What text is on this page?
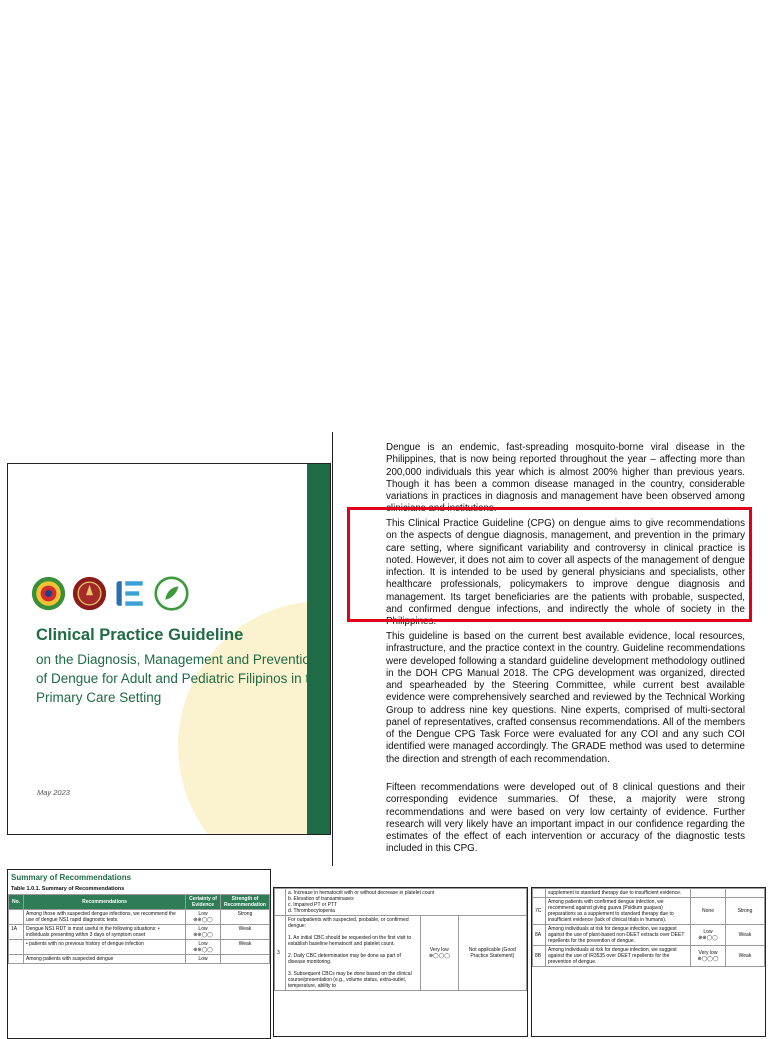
Clinical Practice Guideline
on the Diagnosis, Management and Prevention of Dengue for Adult and Pediatric Filipinos in the Primary Care Setting
May 2023
Dengue is an endemic, fast-spreading mosquito-borne viral disease in the Philippines, that is now being reported throughout the year – affecting more than 200,000 individuals this year which is almost 200% higher than previous years. Though it has been a common disease managed in the country, considerable variations in practices in diagnosis and management have been observed among clinicians and institutions.
This Clinical Practice Guideline (CPG) on dengue aims to give recommendations on the aspects of dengue diagnosis, management, and prevention in the primary care setting, where significant variability and controversy in clinical practice is noted. However, it does not aim to cover all aspects of the management of dengue infection. It is intended to be used by general physicians and specialists, other healthcare professionals, policymakers to improve dengue diagnosis and management. Its target beneficiaries are the patients with probable, suspected, and confirmed dengue infections, and indirectly the whole of society in the Philippines.
This guideline is based on the current best available evidence, local resources, infrastructure, and the practice context in the country. Guideline recommendations were developed following a standard guideline development methodology outlined in the DOH CPG Manual 2018. The CPG development was organized, directed and spearheaded by the Steering Committee, while current best available evidence were comprehensively searched and reviewed by the Technical Working Group to address nine key questions. Nine experts, comprised of multi-sectoral panel of representatives, crafted consensus recommendations. All of the members of the Dengue CPG Task Force were evaluated for any COI and any such COI identified were managed accordingly. The GRADE method was used to determine the direction and strength of each recommendation.
Fifteen recommendations were developed out of 8 clinical questions and their corresponding evidence summaries. Of these, a majority were strong recommendations and were based on very low certainty of evidence. Further research will very likely have an important impact in our confidence regarding the estimates of the effect of each intervention or accuracy of the diagnostic tests included in this CPG.
Summary of Recommendations
Table 1.0.1. Summary of Recommendations
No.	Recommendations	Certainty of Evidence	Strength of Recommendation
	Among those with suspected dengue infections, we recommend the use of dengue NS1 rapid diagnostic tests.	Low ⊕⊕◯◯	Strong
1A	Dengue NS1 RDT is most useful in the following situations: • individuals presenting within 3 days of symptom onset	Low ⊕⊕◯◯	Weak
	• patients with no previous history of dengue infection	Low ⊕⊕◯◯	Weak
	Among patients with suspected dengue	Low	

	a. Increase in hematocrit with or without decrease in platelet count
b. Elevation of transaminases
c. Impaired PT or PTT
d. Thrombocytopenia		

3	For outpatients with suspected, probable, or confirmed dengue:

1. An initial CBC should be requested on the first visit to establish baseline hematocrit and platelet count.

2. Daily CBC determination may be done as part of disease monitoring.

3. Subsequent CBCs may be done based on the clinical course/presentation (e.g., volume status, extra-outlet, temperature, ability to	Very low ⊕◯◯◯	Not applicable (Good Practice Statement)
	supplement to standard therapy due to insufficient evidence.		
7C	Among patients with confirmed dengue infection, we recommend against giving guava (Psidium guajava) preparations as a supplement to standard therapy due to insufficient evidence (lack of clinical trials in humans).	None	Strong
8A	Among individuals at risk for dengue infection, we suggest against the use of plant-based non-DEET extracts over DEET repellents for the prevention of dengue.	Low ⊕⊕◯◯	Weak
8B	Among individuals at risk for dengue infection, we suggest against the use of IR3535 over DEET repellents for the prevention of dengue.	Very low ⊕◯◯◯	Weak
